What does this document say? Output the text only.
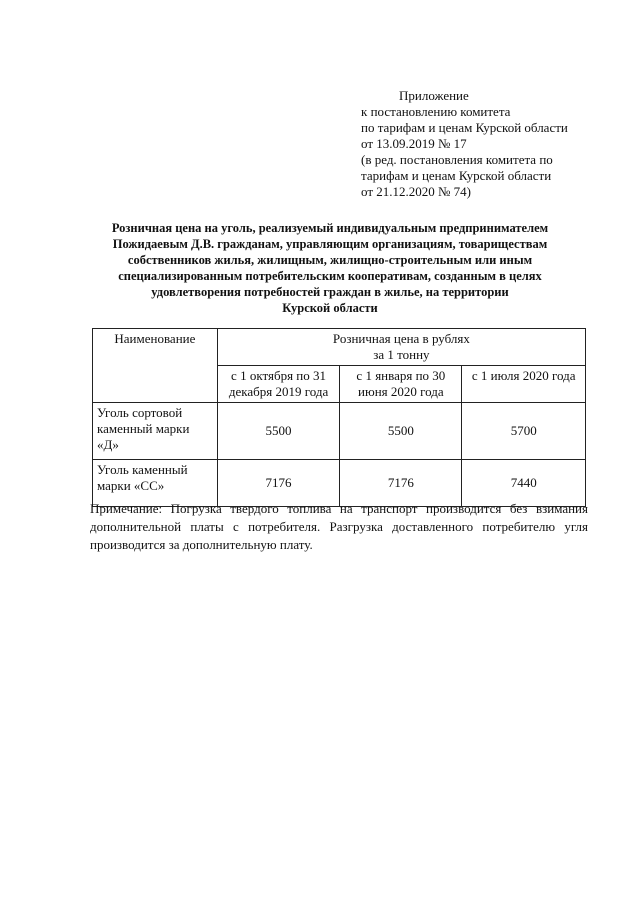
Приложение
к постановлению комитета
по тарифам и ценам Курской области
от 13.09.2019 № 17
(в ред. постановления комитета по
тарифам и ценам Курской области
от 21.12.2020 № 74)
Розничная цена на уголь, реализуемый индивидуальным предпринимателем
Пожидаевым Д.В. гражданам, управляющим организациям, товариществам
собственников жилья, жилищным, жилищно-строительным или иным
специализированным потребительским кооперативам, созданным в целях
удовлетворения потребностей граждан в жилье, на территории
Курской области
Наименование	Розничная цена в рублях
за 1 тонну		
	с 1 октября по 31
декабря 2019 года	с 1 января по 30
июня 2020 года	с 1 июля 2020 года
Уголь сортовой
каменный марки
«Д»	5500	5500	5700
Уголь каменный
марки «СС»	7176	7176	7440
Примечание: Погрузка твердого топлива на транспорт производится без взимания
дополнительной платы с потребителя. Разгрузка доставленного потребителю угля
производится за дополнительную плату.
